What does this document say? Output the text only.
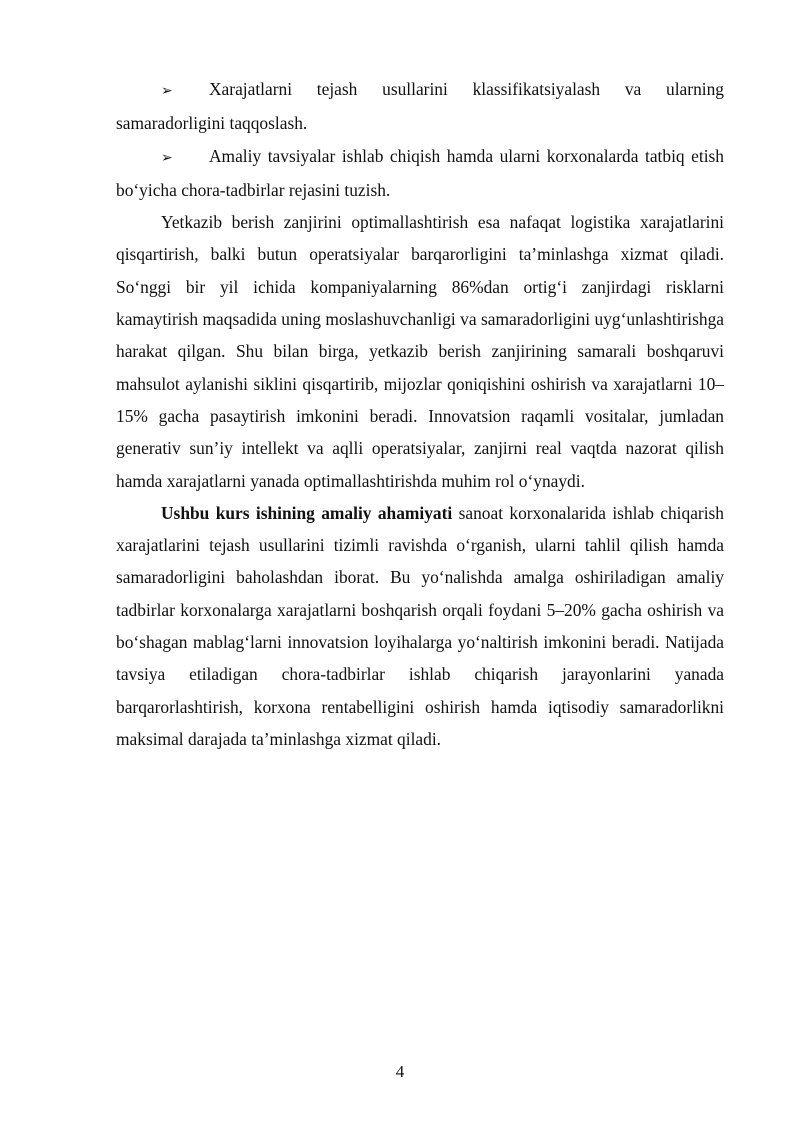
➢ Xarajatlarni tejash usullarini klassifikatsiyalash va ularning samaradorligini taqqoslash.

➢ Amaliy tavsiyalar ishlab chiqish hamda ularni korxonalarda tatbiq etish bo‘yicha chora-tadbirlar rejasini tuzish.

Yetkazib berish zanjirini optimallashtirish esa nafaqat logistika xarajatlarini qisqartirish, balki butun operatsiyalar barqarorligini ta’minlashga xizmat qiladi. So‘nggi bir yil ichida kompaniyalarning 86%dan ortig‘i zanjirdagi risklarni kamaytirish maqsadida uning moslashuvchanligi va samaradorligini uyg‘unlashtirishga harakat qilgan. Shu bilan birga, yetkazib berish zanjirining samarali boshqaruvi mahsulot aylanishi siklini qisqartirib, mijozlar qoniqishini oshirish va xarajatlarni 10–15% gacha pasaytirish imkonini beradi. Innovatsion raqamli vositalar, jumladan generativ sun’iy intellekt va aqlli operatsiyalar, zanjirni real vaqtda nazorat qilish hamda xarajatlarni yanada optimallashtirishda muhim rol o‘ynaydi.

Ushbu kurs ishining amaliy ahamiyati sanoat korxonalarida ishlab chiqarish xarajatlarini tejash usullarini tizimli ravishda o‘rganish, ularni tahlil qilish hamda samaradorligini baholashdan iborat. Bu yo‘nalishda amalga oshiriladigan amaliy tadbirlar korxonalarga xarajatlarni boshqarish orqali foydani 5–20% gacha oshirish va bo‘shagan mablag‘larni innovatsion loyihalarga yo‘naltirish imkonini beradi. Natijada tavsiya etiladigan chora-tadbirlar ishlab chiqarish jarayonlarini yanada barqarorlashtirish, korxona rentabelligini oshirish hamda iqtisodiy samaradorlikni maksimal darajada ta’minlashga xizmat qiladi.

4
